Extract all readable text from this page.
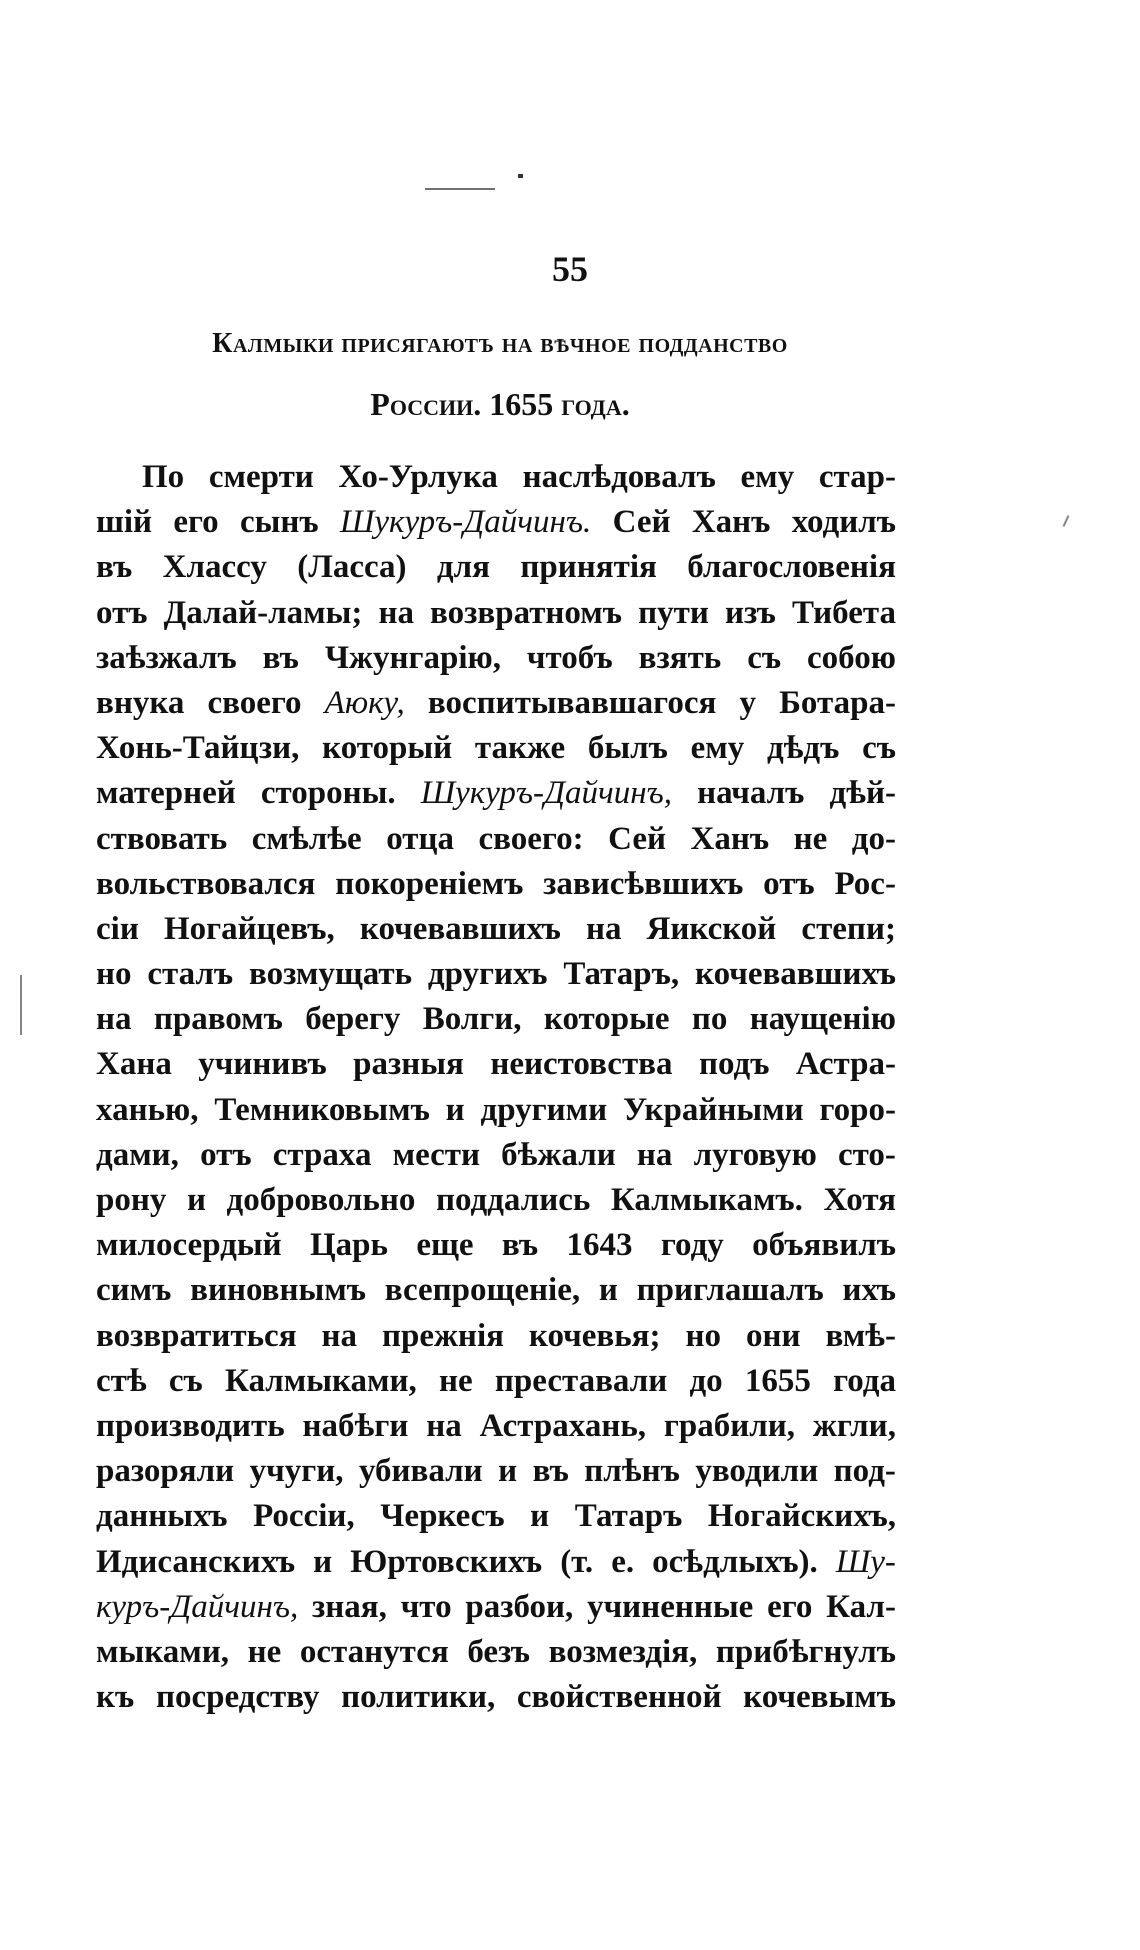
55
Калмыки присягаютъ на вѣчное подданство
России. 1655 года.
По смерти Хо-Урлука наслѣдовалъ ему стар-
шій его сынъ Шукуръ-Дайчинъ. Сей Ханъ ходилъ
въ Хлассу (Ласса) для принятія благословенія
отъ Далай-ламы; на возвратномъ пути изъ Тибета
заѣзжалъ въ Чжунгарію, чтобъ взять съ собою
внука своего Аюку, воспитывавшагося у Ботара-
Хонь-Тайцзи, который также былъ ему дѣдъ съ
матерней стороны. Шукуръ-Дайчинъ, началъ дѣй-
ствовать смѣлѣе отца своего: Сей Ханъ не до-
вольствовался покореніемъ зависѣвшихъ отъ Рос-
сіи Ногайцевъ, кочевавшихъ на Яикской степи;
но сталъ возмущать другихъ Татаръ, кочевавшихъ
на правомъ берегу Волги, которые по наущенію
Хана учинивъ разныя неистовства подъ Астра-
ханью, Темниковымъ и другими Украйными горо-
дами, отъ страха мести бѣжали на луговую сто-
рону и добровольно поддались Калмыкамъ. Хотя
милосердый Царь еще въ 1643 году объявилъ
симъ виновнымъ всепрощеніе, и приглашалъ ихъ
возвратиться на прежнія кочевья; но они вмѣ-
стѣ съ Калмыками, не преставали до 1655 года
производить набѣги на Астрахань, грабили, жгли,
разоряли учуги, убивали и въ плѣнъ уводили под-
данныхъ Россіи, Черкесъ и Татаръ Ногайскихъ,
Идисанскихъ и Юртовскихъ (т. е. осѣдлыхъ). Шу-
куръ-Дайчинъ, зная, что разбои, учиненные его Кал-
мыками, не останутся безъ возмездія, прибѣгнулъ
къ посредству политики, свойственной кочевымъ
